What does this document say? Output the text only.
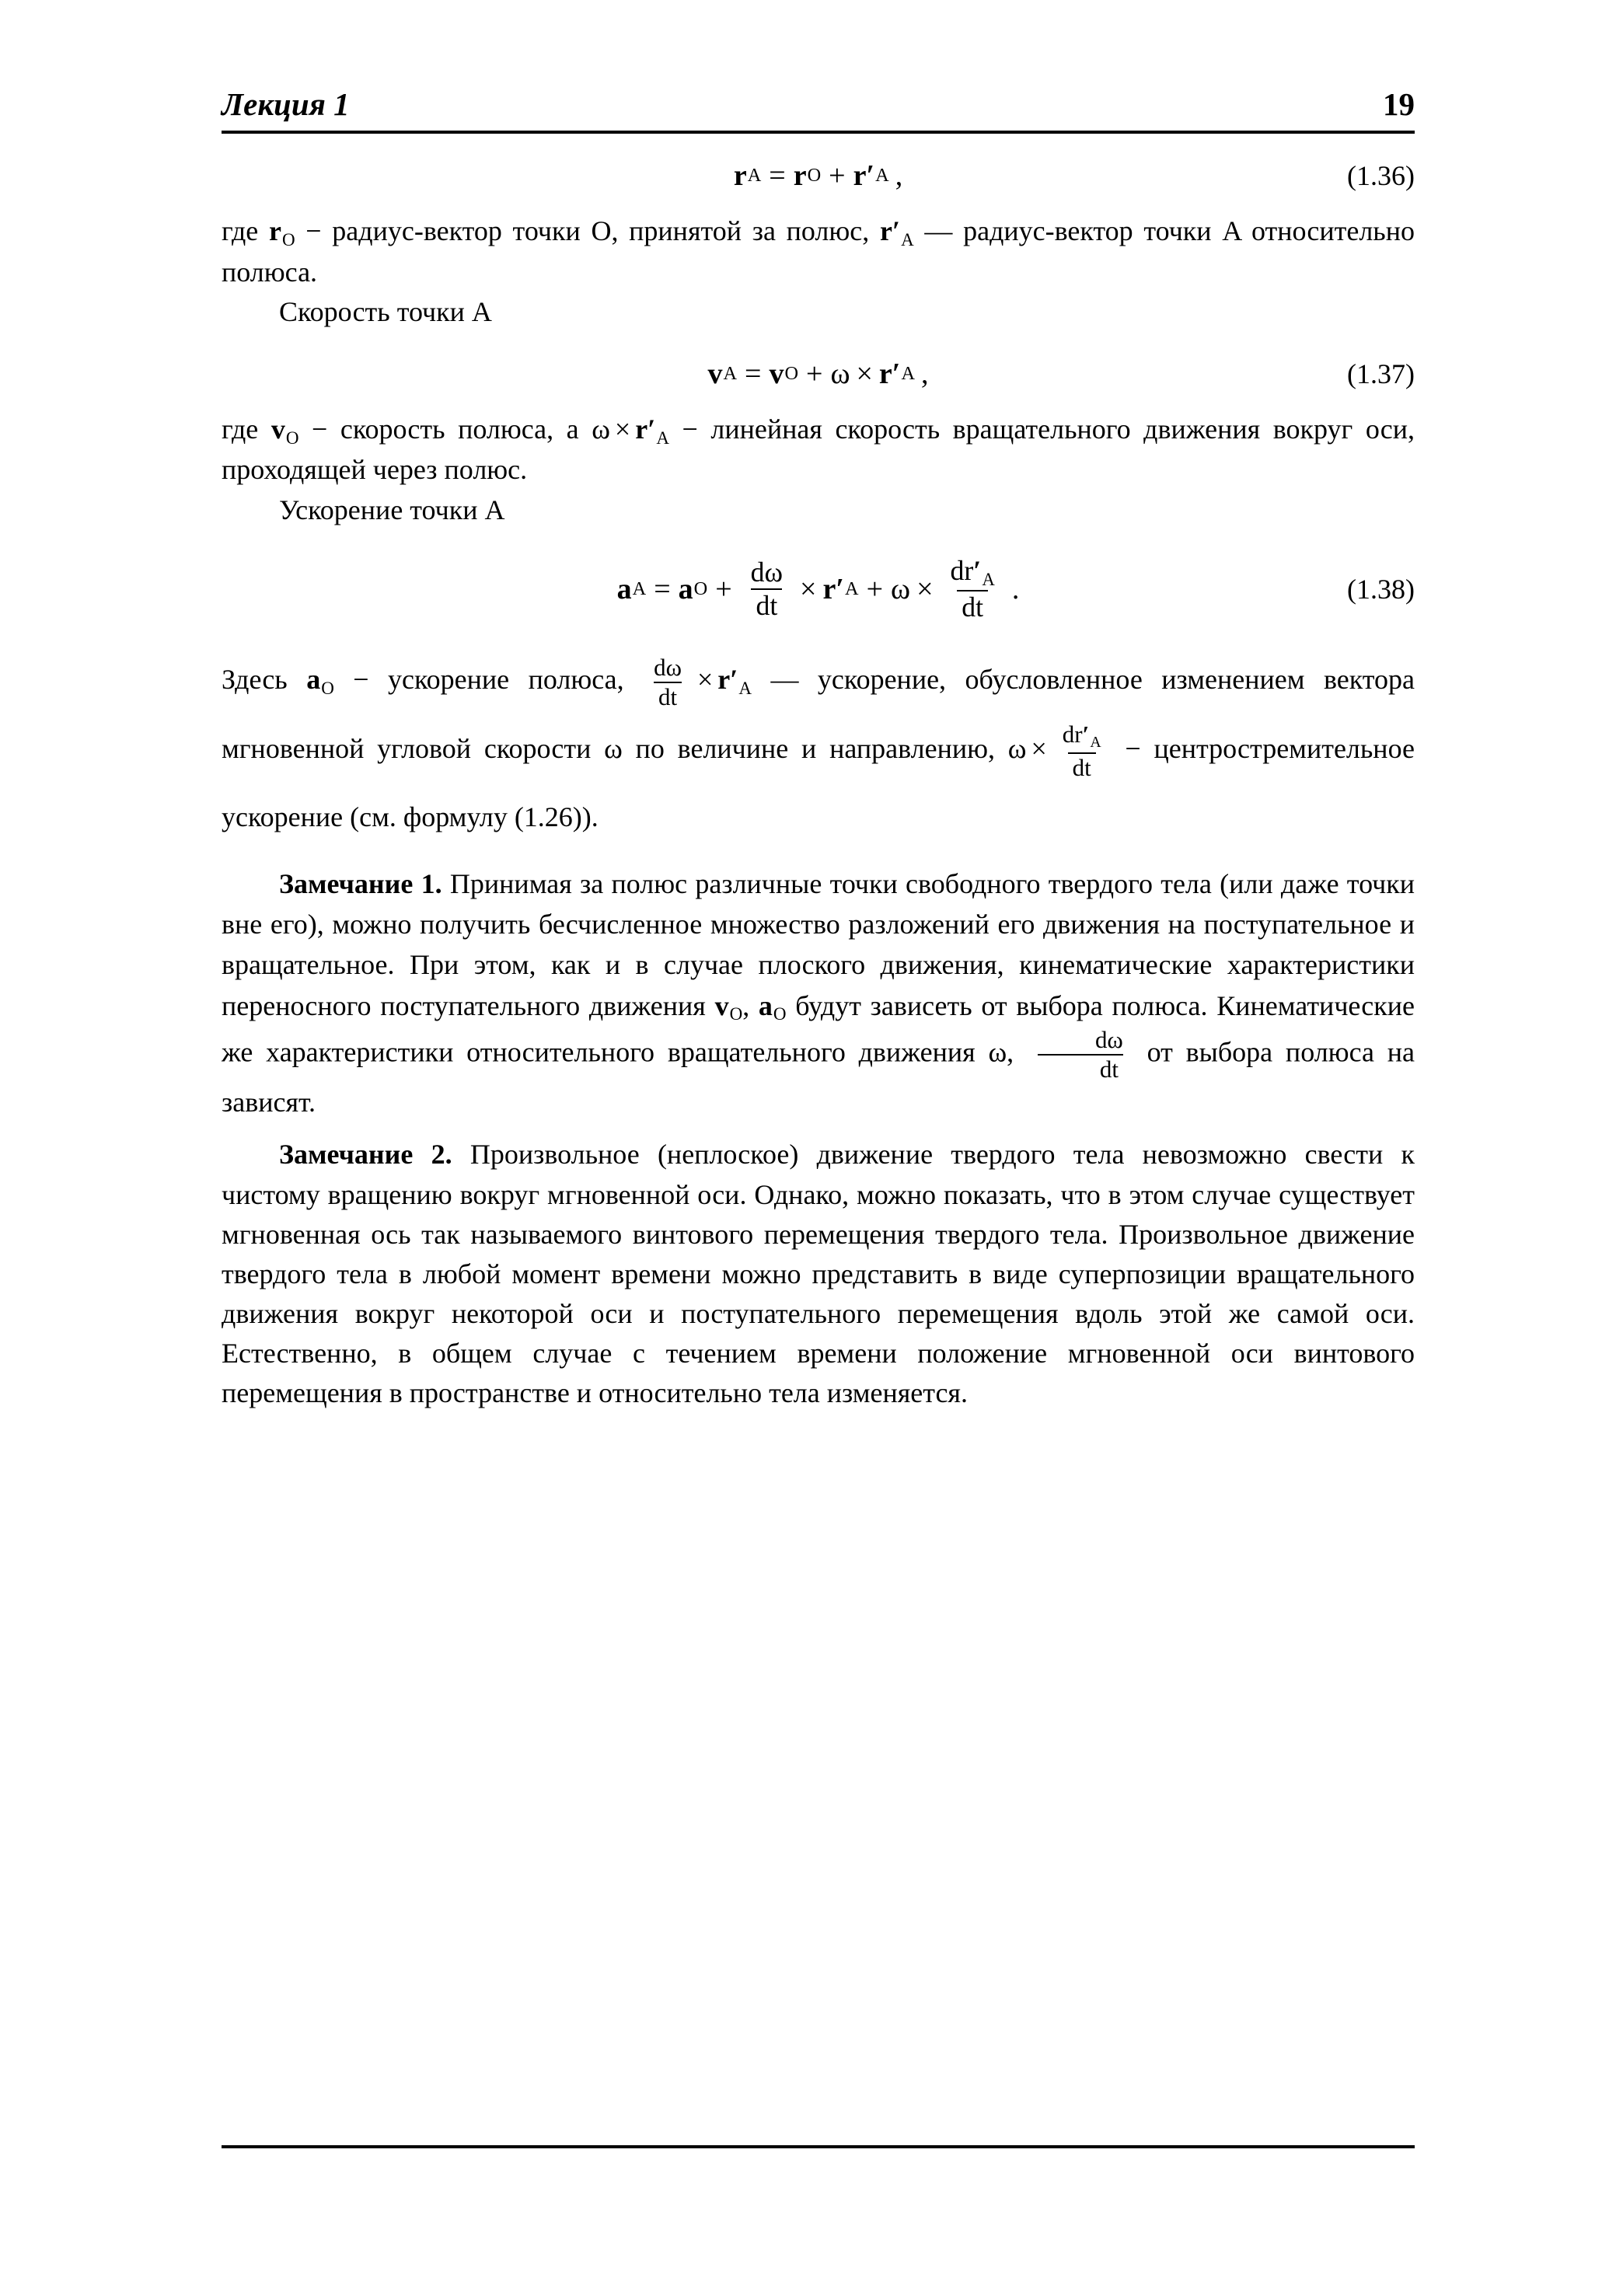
Лекция 1	19
r A = r O + r ′ A ,	(1.36)

где $r_O$ − радиус-вектор точки O, принятой за полюс, $r'_A$ — радиус-вектор точки A относительно полюса.

Скорость точки A

v A = v O + ω × r ′ A ,	(1.37)

где $v_O$ − скорость полюса, а $\omega \times r'_A$ − линейная скорость вращательного движения вокруг оси, проходящей через полюс.

Ускорение точки A

a A = a $O + \frac{d\omega}{dt} \times r$ ′ $A + \omega \times \frac{dr'_A}{dt}$ .	(1.38)

Здесь $a_O$ − ускорение полюса, $\frac{d\omega}{dt} \times r'_A$ — ускорение, обусловленное изменением вектора мгновенной угловой скорости ω по величине и направлению, $\omega \times \frac{dr'_A}{dt}$ − центростремительное ускорение (см. формулу (1.26)).

Замечание 1. Принимая за полюс различные точки свободного твердого тела (или даже точки вне его), можно получить бесчисленное множество разложений его движения на поступательное и вращательное. При этом, как и в случае плоского движения, кинематические характеристики переносного поступательного движения $v_O$, $a_O$ будут зависеть от выбора полюса. Кинематические же характеристики относительного вращательного движения ω, $\frac{d\omega}{dt}$ от выбора полюса на зависят.

Замечание 2. Произвольное (неплоское) движение твердого тела невозможно свести к чистому вращению вокруг мгновенной оси. Однако, можно показать, что в этом случае существует мгновенная ось так называемого винтового перемещения твердого тела. Произвольное движение твердого тела в любой момент времени можно представить в виде суперпозиции вращательного движения вокруг некоторой оси и поступательного перемещения вдоль этой же самой оси. Естественно, в общем случае с течением времени положение мгновенной оси винтового перемещения в пространстве и относительно тела изменяется.
